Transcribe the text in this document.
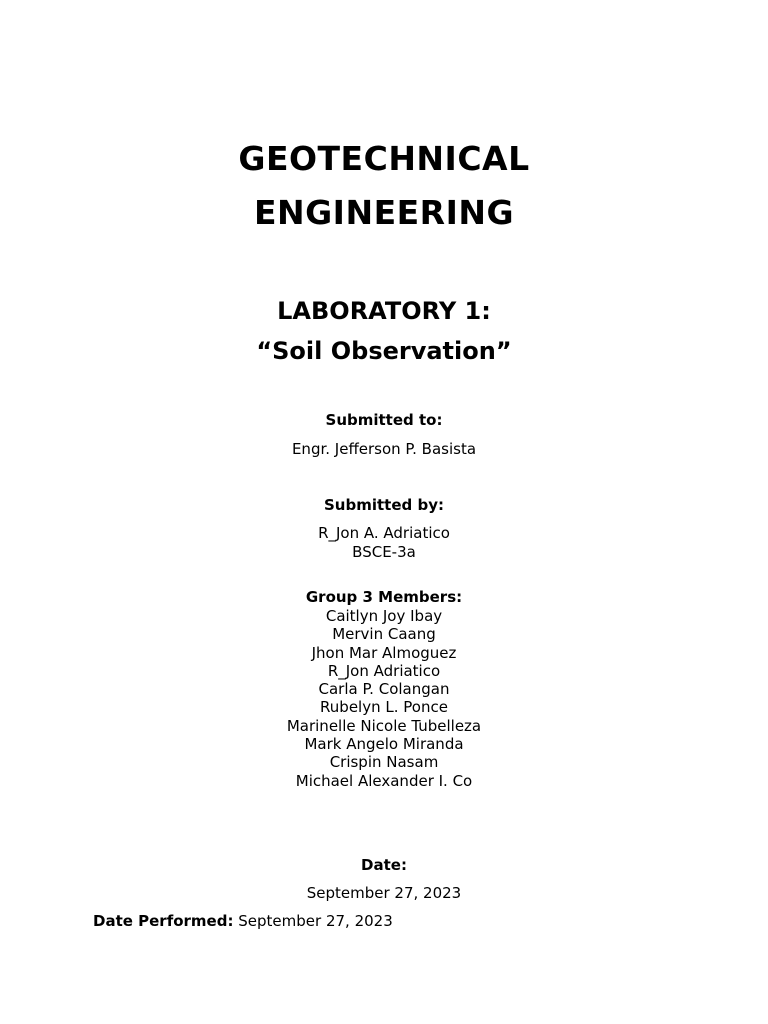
GEOTECHNICAL
ENGINEERING
LABORATORY 1:
“Soil Observation”
Submitted to:
Engr. Jefferson P. Basista
Submitted by:
R_Jon A. Adriatico
BSCE-3a
Group 3 Members:
Caitlyn Joy Ibay
Mervin Caang
Jhon Mar Almoguez
R_Jon Adriatico
Carla P. Colangan
Rubelyn L. Ponce
Marinelle Nicole Tubelleza
Mark Angelo Miranda
Crispin Nasam
Michael Alexander I. Co
Date:
September 27, 2023
Date Performed: September 27, 2023
